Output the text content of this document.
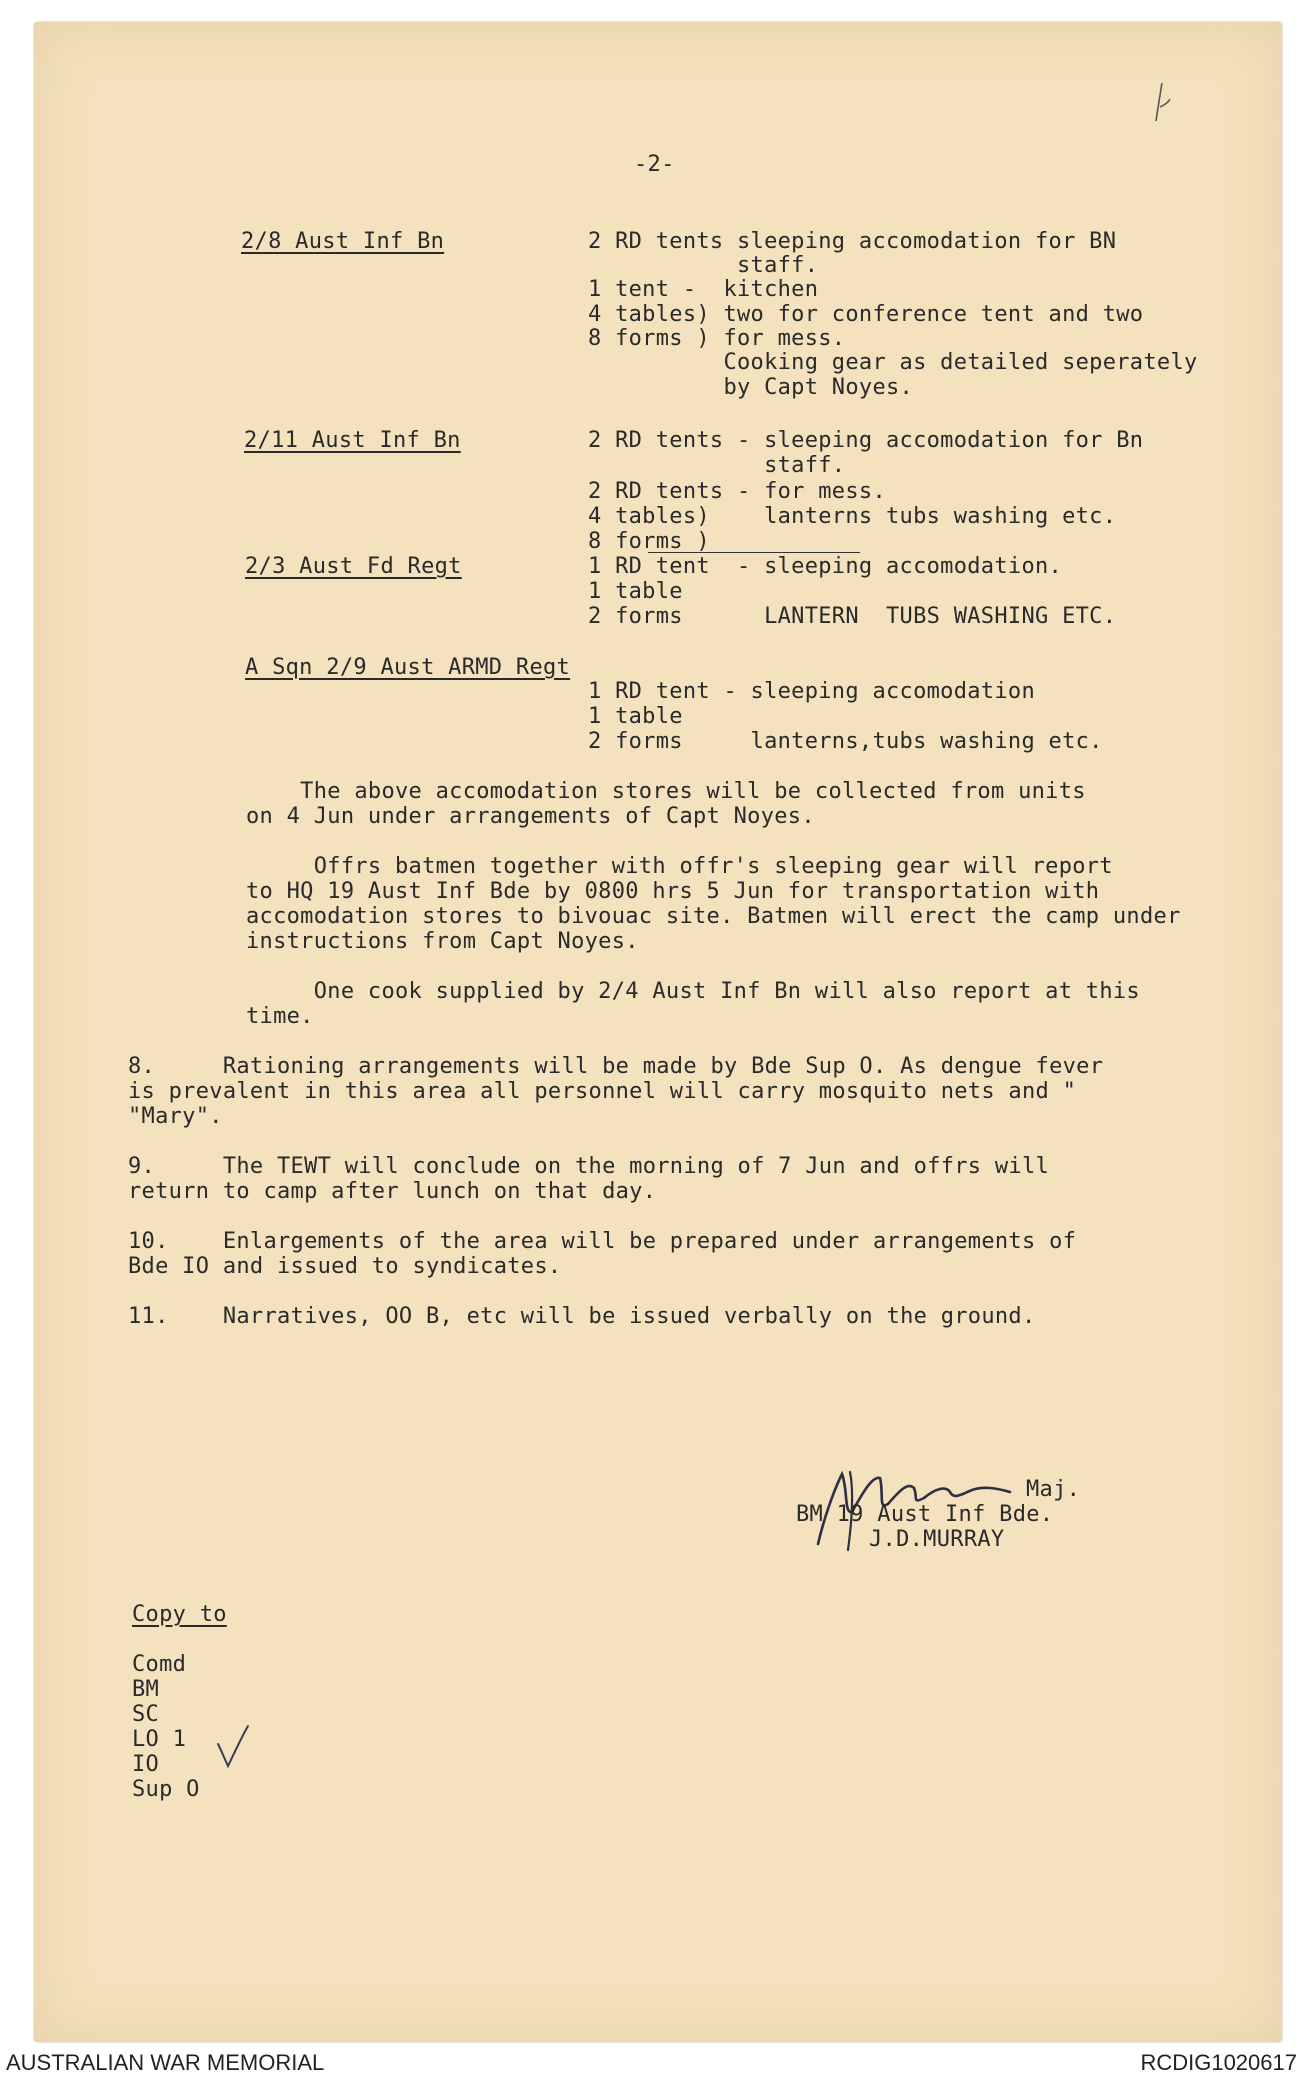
-2-
2/8 Aust Inf Bn	2 RD tents sleeping accomodation for BN
staff.
1 tent -  kitchen
4 tables) two for conference tent and two
8 forms ) for mess.
Cooking gear as detailed seperately
by Capt Noyes.
2/11 Aust Inf Bn	2 RD tents - sleeping accomodation for Bn
staff.
2 RD tents - for mess.
4 tables)    lanterns tubs washing etc.
8 forms )
2/3 Aust Fd Regt	1 RD tent  - sleeping accomodation.
1 table
2 forms      LANTERN  TUBS WASHING ETC.
A Sqn 2/9 Aust ARMD Regt
1 RD tent - sleeping accomodation
1 table
2 forms     lanterns,tubs washing etc.
The above accomodation stores will be collected from units
on 4 Jun under arrangements of Capt Noyes.
Offrs batmen together with offr's sleeping gear will report
to HQ 19 Aust Inf Bde by 0800 hrs 5 Jun for transportation with
accomodation stores to bivouac site. Batmen will erect the camp under
instructions from Capt Noyes.
One cook supplied by 2/4 Aust Inf Bn will also report at this
time.
8.     Rationing arrangements will be made by Bde Sup O. As dengue fever
is prevalent in this area all personnel will carry mosquito nets and "
"Mary".
9.     The TEWT will conclude on the morning of 7 Jun and offrs will
return to camp after lunch on that day.
10.    Enlargements of the area will be prepared under arrangements of
Bde IO and issued to syndicates.
11.    Narratives, OO B, etc will be issued verbally on the ground.
Maj.
BM 19 Aust Inf Bde.
J.D.MURRAY
Copy to
Comd
BM
SC
LO 1
IO
Sup O
AUSTRALIAN WAR MEMORIAL	RCDIG1020617
